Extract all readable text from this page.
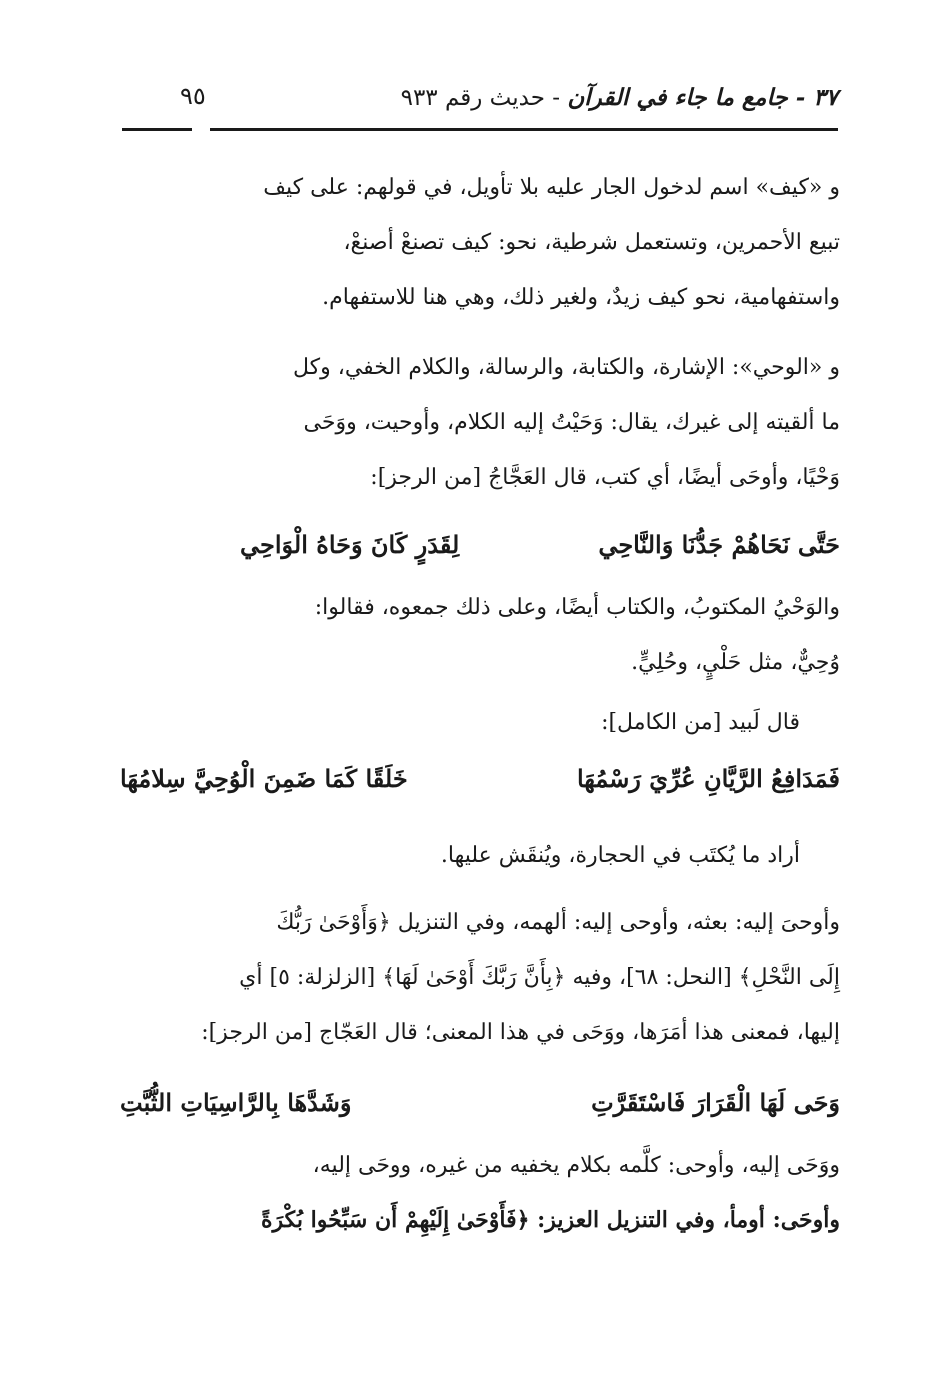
٣٧ - جامع ما جاء في القرآن - حديث رقم ٩٣٣
٩٥
و «كيف» اسم لدخول الجار عليه بلا تأويل، في قولهم: على كيف
تبيع الأحمرين، وتستعمل شرطية، نحو: كيف تصنعْ أصنعْ،
واستفهامية، نحو كيف زيدٌ، ولغير ذلك، وهي هنا للاستفهام.
و «الوحي»: الإشارة، والكتابة، والرسالة، والكلام الخفي، وكل
ما ألقيته إلى غيرك، يقال: وَحَيْتُ إليه الكلام، وأوحيت، ووَحَى
وَحْيًا، وأوحَى أيضًا، أي كتب، قال العَجَّاجُ [من الرجز]:
حَتَّى نَحَاهُمْ جَدُّنَا وَالنَّاحِي
لِقَدَرٍ كَانَ وَحَاهُ الْوَاحِي
والوَحْيُ المكتوبُ، والكتاب أيضًا، وعلى ذلك جمعوه، فقالوا:
وُحِيٌّ، مثل حَلْيٍ، وحُلِيٍّ.
قال لَبيد [من الكامل]:
فَمَدَافِعُ الرَّيَّانِ عُرِّيَ رَسْمُهَا
خَلَقًا كَمَا ضَمِنَ الْوُحِيَّ سِلامُهَا
أراد ما يُكتَب في الحجارة، ويُنقَش عليها.
وأوحىَ إليه: بعثه، وأوحى إليه: ألهمه، وفي التنزيل ﴿وَأَوْحَىٰ رَبُّكَ
إِلَى النَّحْلِ﴾ [النحل: ٦٨]، وفيه ﴿بِأَنَّ رَبَّكَ أَوْحَىٰ لَهَا﴾ [الزلزلة: ٥] أي
إليها، فمعنى هذا أمَرَها، ووَحَى في هذا المعنى؛ قال العَجّاج [من الرجز]:
وَحَى لَهَا الْقَرَارَ فَاسْتَقَرَّتِ
وَشَدَّهَا بِالرَّاسِيَاتِ الثُّبَّتِ
ووَحَى إليه، وأوحى: كلَّمه بكلام يخفيه من غيره، ووحَى إليه،
وأوحَى: أومأ، وفي التنزيل العزيز: ﴿فَأَوْحَىٰ إِلَيْهِمْ أَن سَبِّحُوا بُكْرَةً
